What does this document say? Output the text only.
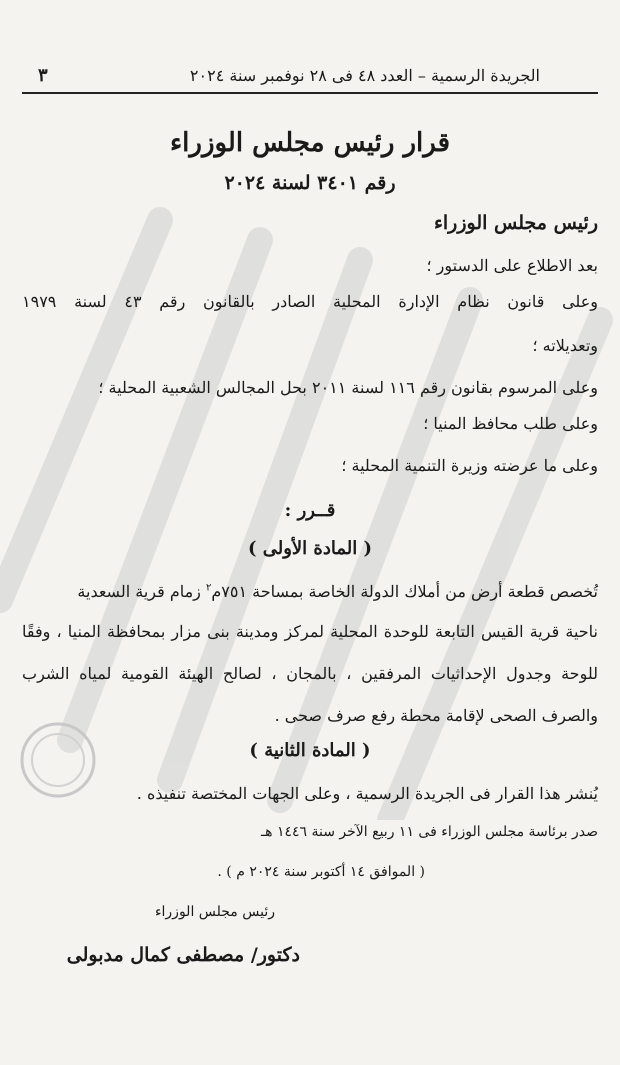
الجريدة الرسمية – العدد ٤٨ فى ٢٨ نوفمبر سنة ٢٠٢٤
٣
قرار رئيس مجلس الوزراء
رقم ٣٤٠١ لسنة ٢٠٢٤
رئيس مجلس الوزراء
بعد الاطلاع على الدستور ؛
وعلى قانون نظام الإدارة المحلية الصادر بالقانون رقم ٤٣ لسنة ١٩٧٩
وتعديلاته ؛
وعلى المرسوم بقانون رقم ١١٦ لسنة ٢٠١١ بحل المجالس الشعبية المحلية ؛
وعلى طلب محافظ المنيا ؛
وعلى ما عرضته وزيرة التنمية المحلية ؛
قــرر :
( المادة الأولى )
تُخصص قطعة أرض من أملاك الدولة الخاصة بمساحة ٧٥١م$^٢$ زمام قرية السعدية
ناحية قرية القيس التابعة للوحدة المحلية لمركز ومدينة بنى مزار بمحافظة المنيا ، وفقًا
للوحة وجدول الإحداثيات المرفقين ، بالمجان ، لصالح الهيئة القومية لمياه الشرب
والصرف الصحى لإقامة محطة رفع صرف صحى .
( المادة الثانية )
يُنشر هذا القرار فى الجريدة الرسمية ، وعلى الجهات المختصة تنفيذه .
صدر برئاسة مجلس الوزراء فى ١١ ربيع الآخر سنة ١٤٤٦ هـ
( الموافق ١٤ أكتوبر سنة ٢٠٢٤ م ) .
رئيس مجلس الوزراء
دكتور/ مصطفى كمال مدبولى
